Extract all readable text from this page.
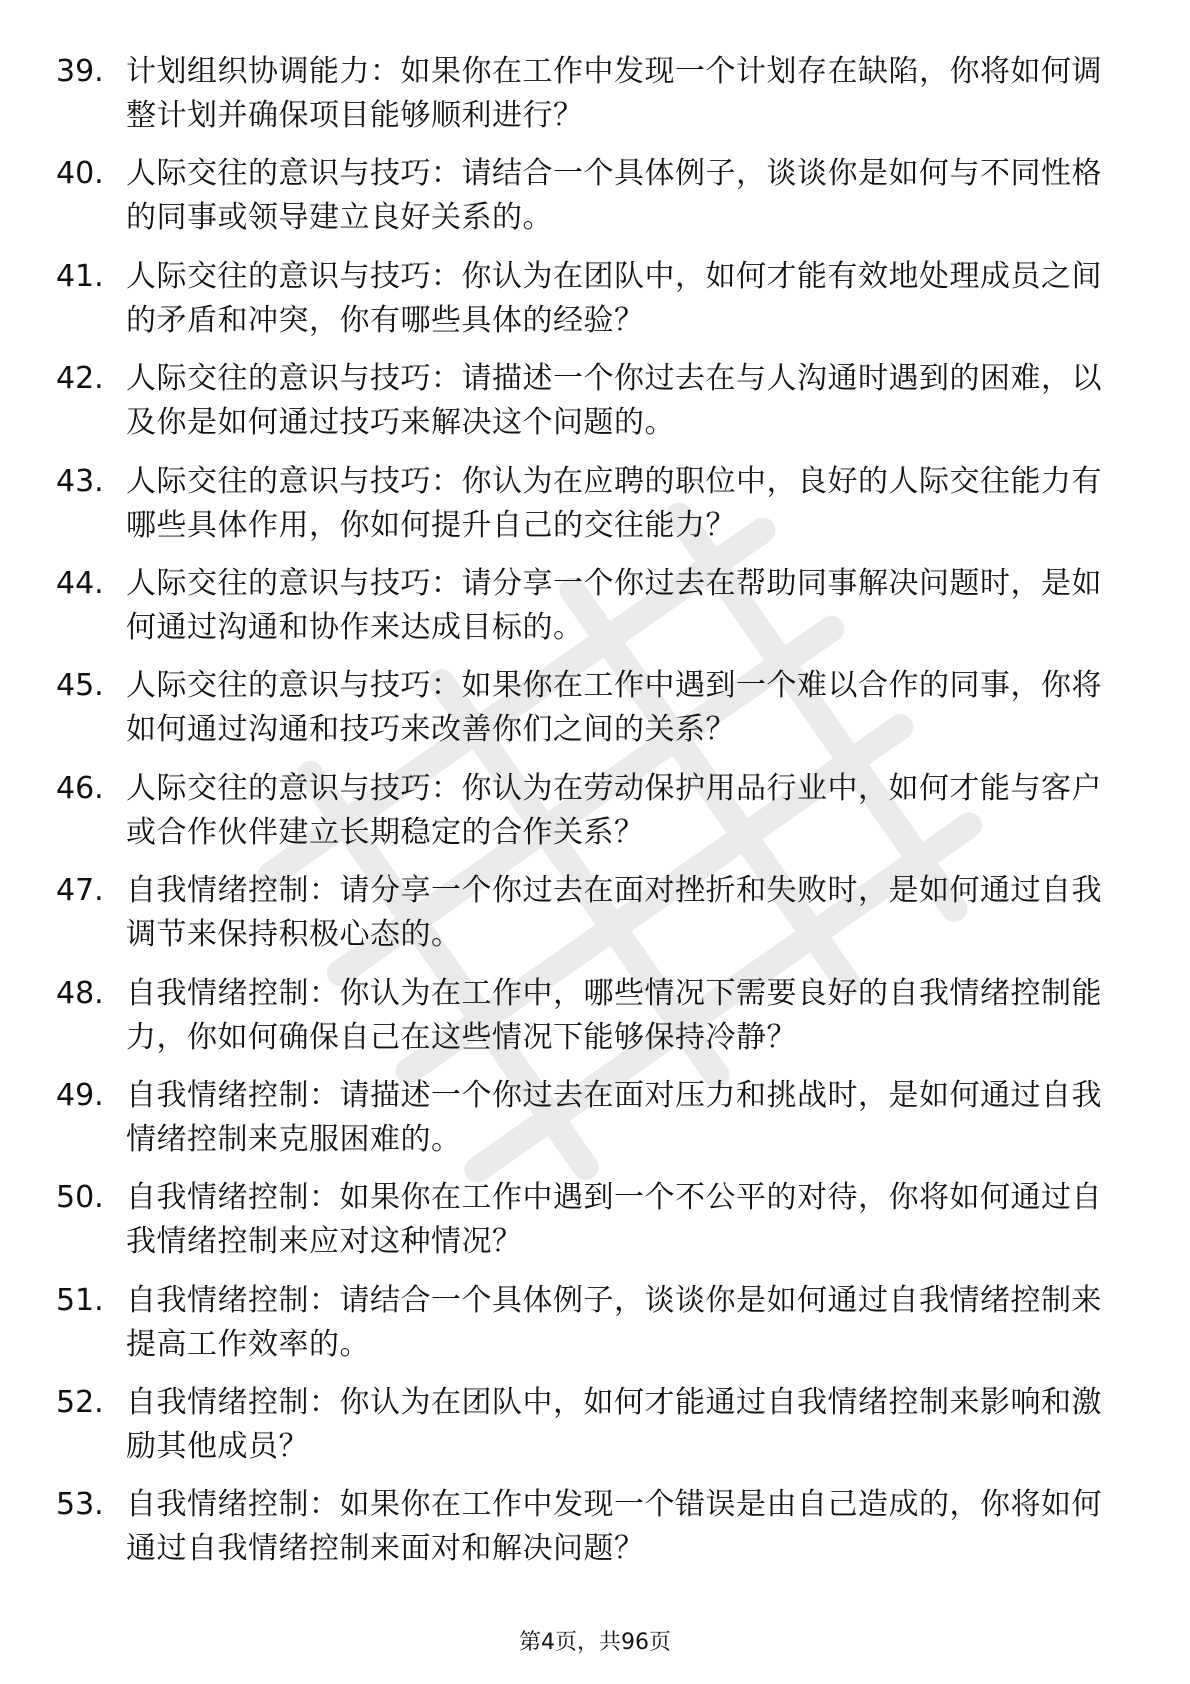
39. 计划组织协调能力：如果你在工作中发现一个计划存在缺陷，你将如何调整计划并确保项目能够顺利进行？
40. 人际交往的意识与技巧：请结合一个具体例子，谈谈你是如何与不同性格的同事或领导建立良好关系的。
41. 人际交往的意识与技巧：你认为在团队中，如何才能有效地处理成员之间的矛盾和冲突，你有哪些具体的经验？
42. 人际交往的意识与技巧：请描述一个你过去在与人沟通时遇到的困难，以及你是如何通过技巧来解决这个问题的。
43. 人际交往的意识与技巧：你认为在应聘的职位中，良好的人际交往能力有哪些具体作用，你如何提升自己的交往能力？
44. 人际交往的意识与技巧：请分享一个你过去在帮助同事解决问题时，是如何通过沟通和协作来达成目标的。
45. 人际交往的意识与技巧：如果你在工作中遇到一个难以合作的同事，你将如何通过沟通和技巧来改善你们之间的关系？
46. 人际交往的意识与技巧：你认为在劳动保护用品行业中，如何才能与客户或合作伙伴建立长期稳定的合作关系？
47. 自我情绪控制：请分享一个你过去在面对挫折和失败时，是如何通过自我调节来保持积极心态的。
48. 自我情绪控制：你认为在工作中，哪些情况下需要良好的自我情绪控制能力，你如何确保自己在这些情况下能够保持冷静？
49. 自我情绪控制：请描述一个你过去在面对压力和挑战时，是如何通过自我情绪控制来克服困难的。
50. 自我情绪控制：如果你在工作中遇到一个不公平的对待，你将如何通过自我情绪控制来应对这种情况？
51. 自我情绪控制：请结合一个具体例子，谈谈你是如何通过自我情绪控制来提高工作效率的。
52. 自我情绪控制：你认为在团队中，如何才能通过自我情绪控制来影响和激励其他成员？
53. 自我情绪控制：如果你在工作中发现一个错误是由自己造成的，你将如何通过自我情绪控制来面对和解决问题？
第4页，共96页
